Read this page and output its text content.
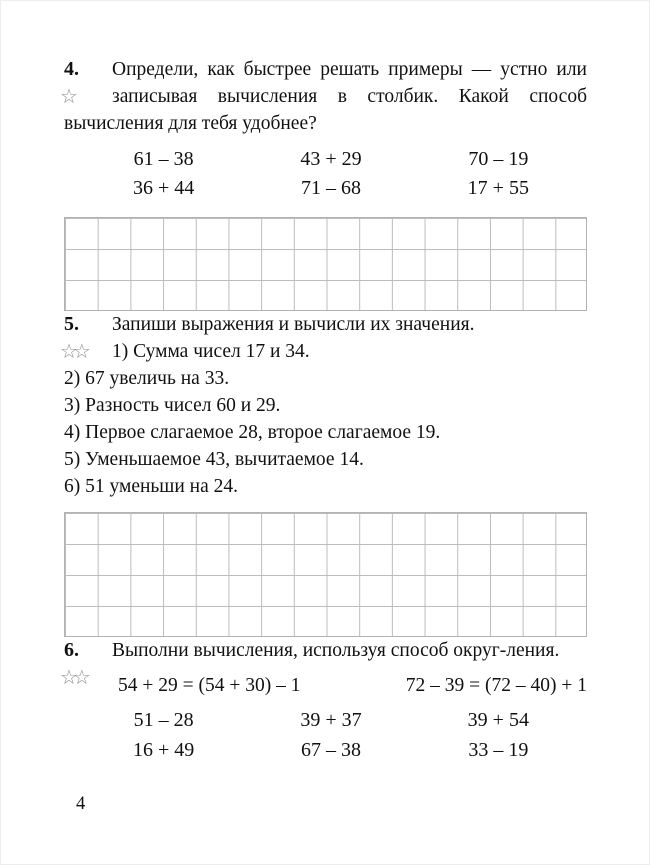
4.
☆

Определи, как быстрее решать примеры — устно или записывая вычисления в столбик. Какой способ вычисления для тебя удобнее?

61 – 38	43 + 29	70 – 19
36 + 44	71 – 68	17 + 55
5.
☆☆

Запиши выражения и вычисли их значения.

1) Сумма чисел 17 и 34.

2) 67 увеличь на 33.

3) Разность чисел 60 и 29.

4) Первое слагаемое 28, второе слагаемое 19.

5) Уменьшаемое 43, вычитаемое 14.

6) 51 уменьши на 24.

6.
☆☆

Выполни вычисления, используя способ округ-ления.

54 + 29 = (54 + 30) – 1	72 – 39 = (72 – 40) + 1
51 – 28	39 + 37	39 + 54
16 + 49	67 – 38	33 – 19
4
